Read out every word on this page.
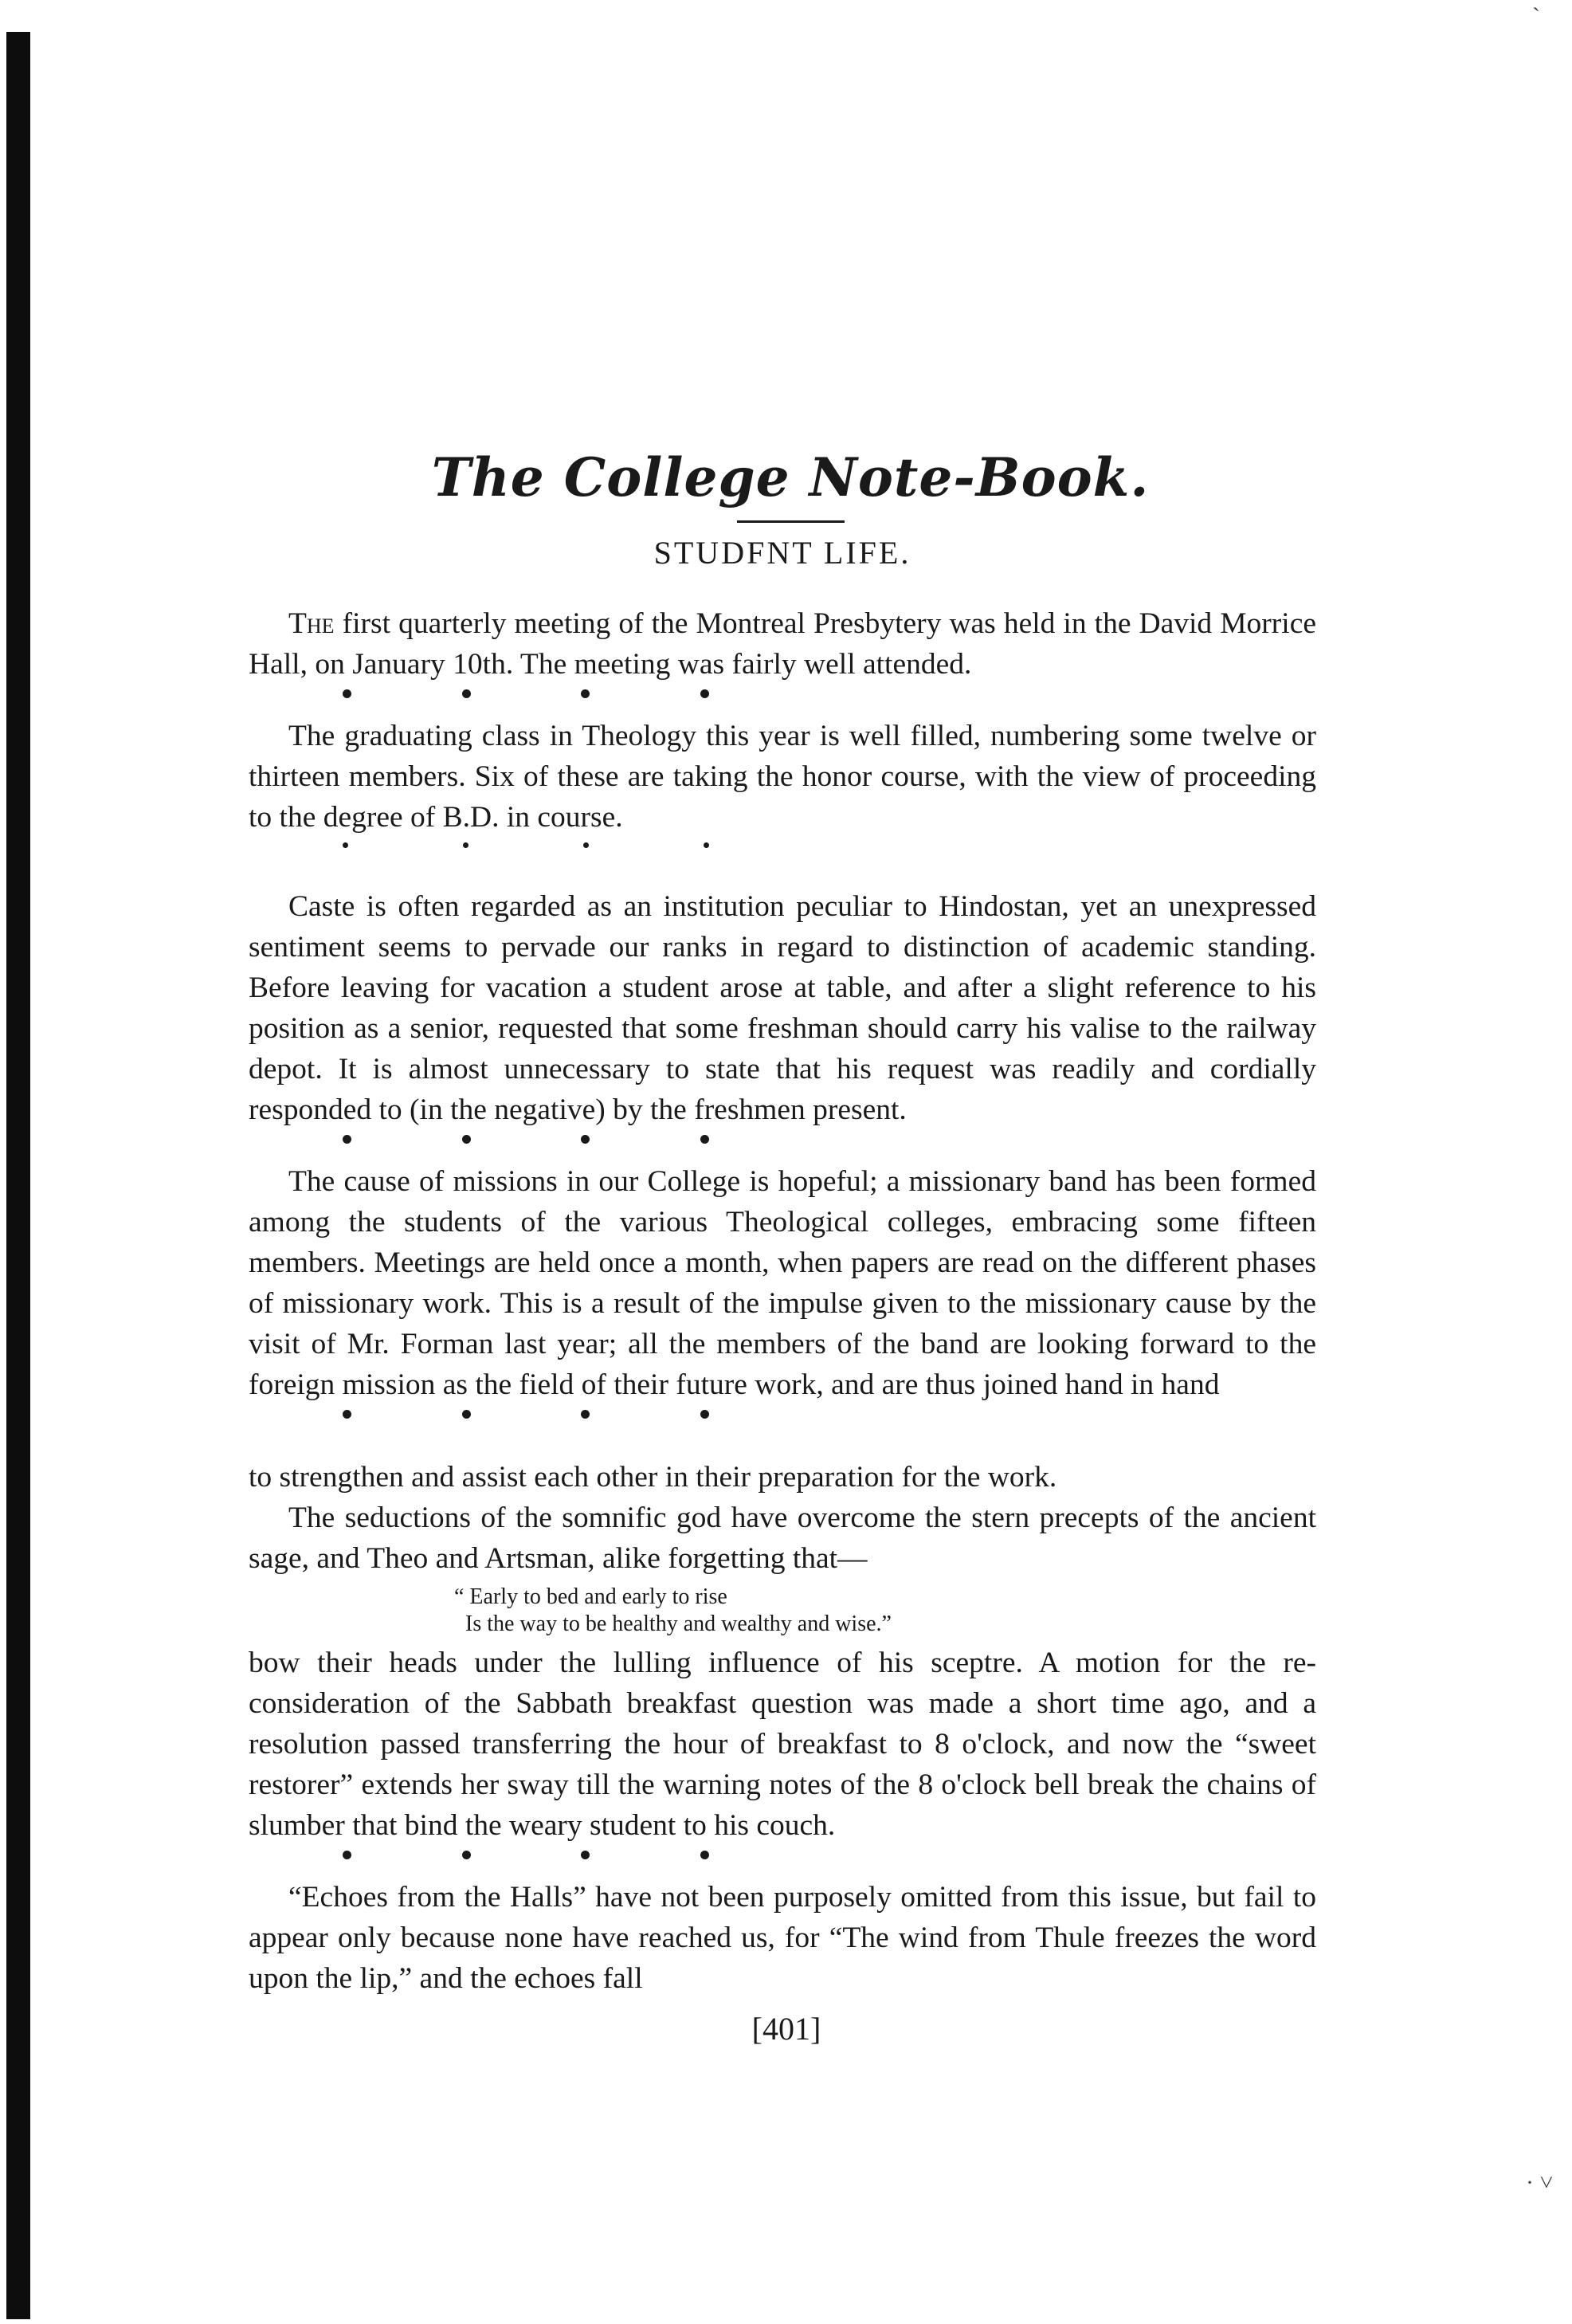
ˋ
· ˅
The College Note-Book.
STUDFNT LIFE.

The first quarterly meeting of the Montreal Presbytery was held in the David Morrice Hall, on January 10th. The meeting was fairly well attended.

The graduating class in Theology this year is well filled, numbering some twelve or thirteen members. Six of these are taking the honor course, with the view of proceeding to the degree of B.D. in course.

Caste is often regarded as an institution peculiar to Hindostan, yet an unexpressed sentiment seems to pervade our ranks in regard to distinction of academic standing. Before leaving for vacation a student arose at table, and after a slight reference to his position as a senior, requested that some freshman should carry his valise to the railway depot. It is almost unnecessary to state that his request was readily and cordially responded to (in the negative) by the freshmen present.

The cause of missions in our College is hopeful; a missionary band has been formed among the students of the various Theological colleges, embracing some fifteen members. Meetings are held once a month, when papers are read on the different phases of missionary work. This is a result of the impulse given to the missionary cause by the visit of Mr. Forman last year; all the members of the band are looking forward to the foreign mission as the field of their future work, and are thus joined hand in hand

to strengthen and assist each other in their preparation for the work.

The seductions of the somnific god have overcome the stern precepts of the ancient sage, and Theo and Artsman, alike forgetting that—

“ Early to bed and early to rise
Is the way to be healthy and wealthy and wise.”

bow their heads under the lulling influence of his sceptre. A motion for the re-consideration of the Sabbath breakfast question was made a short time ago, and a resolution passed transferring the hour of breakfast to 8 o'clock, and now the “sweet restorer” extends her sway till the warning notes of the 8 o'clock bell break the chains of slumber that bind the weary student to his couch.

“Echoes from the Halls” have not been purposely omitted from this issue, but fail to appear only because none have reached us, for “The wind from Thule freezes the word upon the lip,” and the echoes fall

[401]
